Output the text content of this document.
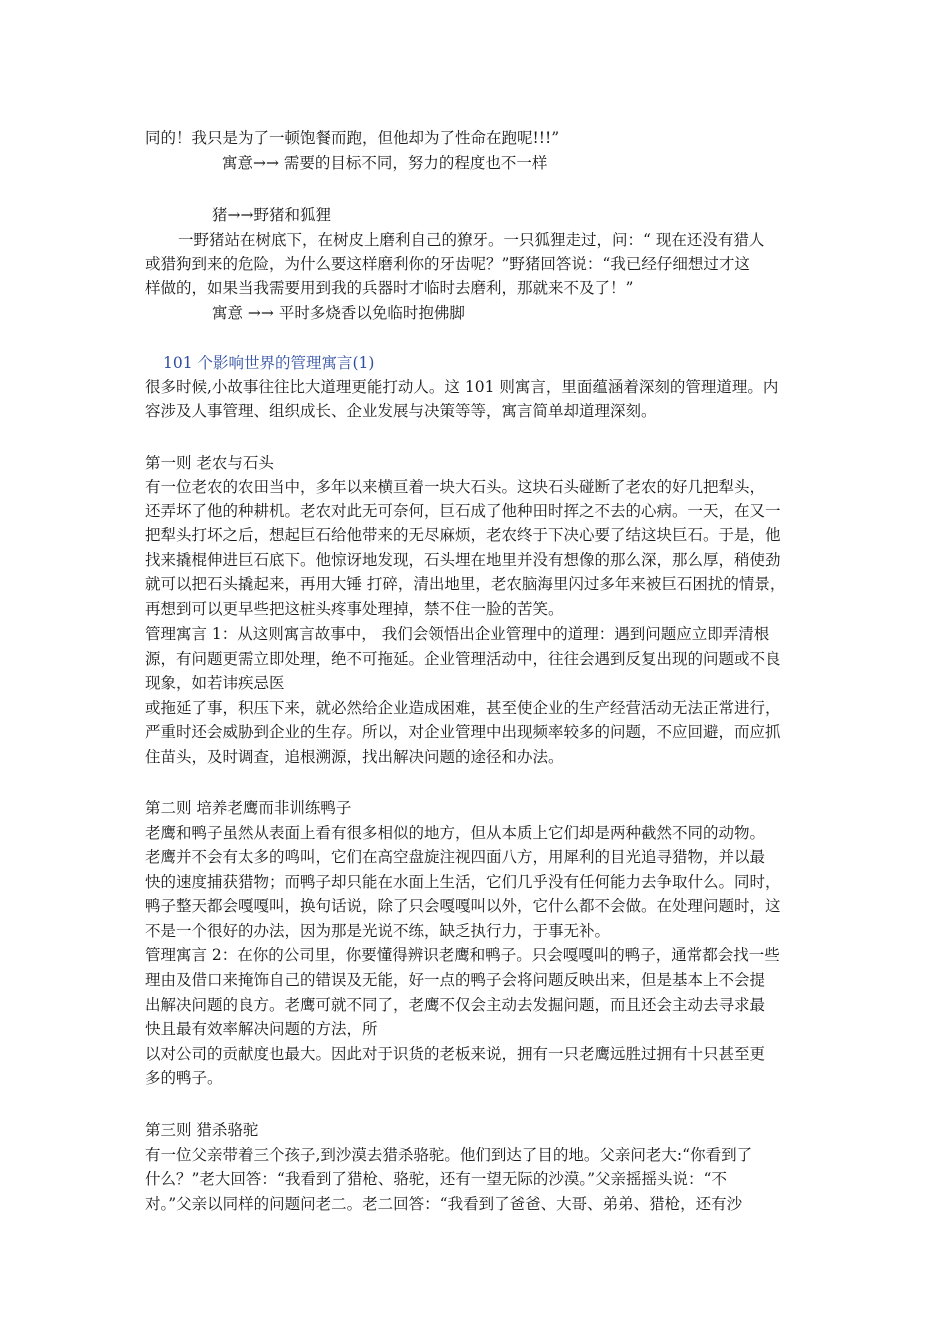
同的！我只是为了一顿饱餐而跑，但他却为了性命在跑呢!!!”
寓意→→ 需要的目标不同，努力的程度也不一样
猪→→野猪和狐狸
一野猪站在树底下，在树皮上磨利自己的獠牙。一只狐狸走过，问：“ 现在还没有猎人
或猎狗到来的危险，为什么要这样磨利你的牙齿呢？”野猪回答说：“我已经仔细想过才这
样做的，如果当我需要用到我的兵器时才临时去磨利，那就来不及了！”
寓意 →→ 平时多烧香以免临时抱佛脚
101 个影响世界的管理寓言(1)
很多时候,小故事往往比大道理更能打动人。这 101 则寓言，里面蕴涵着深刻的管理道理。内
容涉及人事管理、组织成长、企业发展与决策等等，寓言简单却道理深刻。
第一则 老农与石头
有一位老农的农田当中，多年以来横亘着一块大石头。这块石头碰断了老农的好几把犁头，
还弄坏了他的种耕机。老农对此无可奈何，巨石成了他种田时挥之不去的心病。一天，在又一
把犁头打坏之后，想起巨石给他带来的无尽麻烦，老农终于下决心要了结这块巨石。于是，他
找来撬棍伸进巨石底下。他惊讶地发现，石头埋在地里并没有想像的那么深，那么厚，稍使劲
就可以把石头撬起来，再用大锤 打碎，清出地里，老农脑海里闪过多年来被巨石困扰的情景，
再想到可以更早些把这桩头疼事处理掉，禁不住一脸的苦笑。
管理寓言 1：从这则寓言故事中， 我们会领悟出企业管理中的道理：遇到问题应立即弄清根
源，有问题更需立即处理，绝不可拖延。企业管理活动中，往往会遇到反复出现的问题或不良
现象，如若讳疾忌医
或拖延了事，积压下来，就必然给企业造成困难，甚至使企业的生产经营活动无法正常进行，
严重时还会威胁到企业的生存。所以，对企业管理中出现频率较多的问题，不应回避，而应抓
住苗头，及时调查，追根溯源，找出解决问题的途径和办法。
第二则 培养老鹰而非训练鸭子
老鹰和鸭子虽然从表面上看有很多相似的地方，但从本质上它们却是两种截然不同的动物。
老鹰并不会有太多的鸣叫，它们在高空盘旋注视四面八方，用犀利的目光追寻猎物，并以最
快的速度捕获猎物；而鸭子却只能在水面上生活，它们几乎没有任何能力去争取什么。同时，
鸭子整天都会嘎嘎叫，换句话说，除了只会嘎嘎叫以外，它什么都不会做。在处理问题时，这
不是一个很好的办法，因为那是光说不练，缺乏执行力，于事无补。
管理寓言 2：在你的公司里，你要懂得辨识老鹰和鸭子。只会嘎嘎叫的鸭子，通常都会找一些
理由及借口来掩饰自己的错误及无能，好一点的鸭子会将问题反映出来，但是基本上不会提
出解决问题的良方。老鹰可就不同了，老鹰不仅会主动去发掘问题，而且还会主动去寻求最
快且最有效率解决问题的方法，所
以对公司的贡献度也最大。因此对于识货的老板来说，拥有一只老鹰远胜过拥有十只甚至更
多的鸭子。
第三则 猎杀骆驼
有一位父亲带着三个孩子,到沙漠去猎杀骆驼。他们到达了目的地。父亲问老大:“你看到了
什么？”老大回答：“我看到了猎枪、骆驼，还有一望无际的沙漠。”父亲摇摇头说：“不
对。”父亲以同样的问题问老二。老二回答：“我看到了爸爸、大哥、弟弟、猎枪，还有沙
